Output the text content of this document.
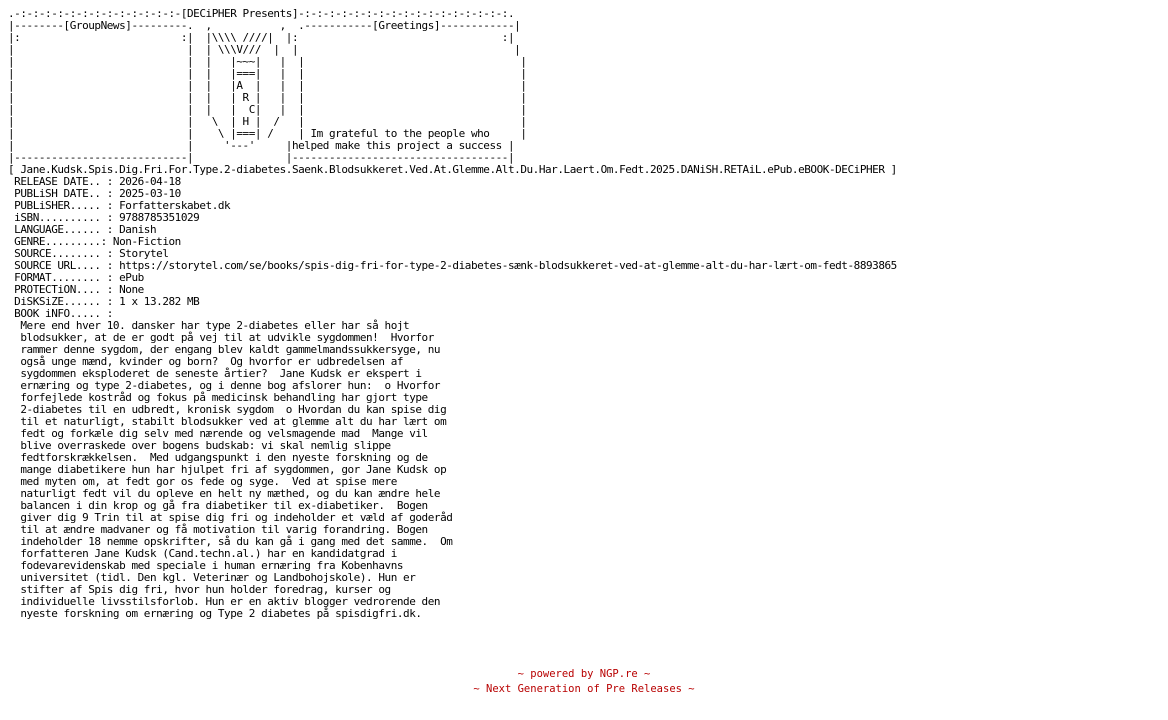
.-:-:-:-:-:-:-:-:-:-:-:-:-:-[DECiPHER Presents]-:-:-:-:-:-:-:-:-:-:-:-:-:-:-:-:-:.
|--------[GroupNews]---------.  ,           ,  .-----------[Greetings]------------|
|:                          :|  |\\\\ ////|  |:                                 :|
|                            |  | \\\V///  |  |                                   |
|                            |  |   |~~~|   |  |                                   |
|                            |  |   |===|   |  |                                   |
|                            |  |   |A  |   |  |                                   |
|                            |  |   | R |   |  |                                   |
|                            |  |   |  C|   |  |                                   |
|                            |   \  | H |  /   |                                   |
|                            |    \ |===| /    | Im grateful to the people who     |
|                            |     '---'     |helped make this project a success |
|----------------------------|               |-----------------------------------|
[ Jane.Kudsk.Spis.Dig.Fri.For.Type.2-diabetes.Saenk.Blodsukkeret.Ved.At.Glemme.Alt.Du.Har.Laert.Om.Fedt.2025.DANiSH.RETAiL.ePub.eBOOK-DECiPHER ]
RELEASE DATE.. : 2026-04-18
PUBLiSH DATE.. : 2025-03-10
PUBLiSHER..... : Forfatterskabet.dk
iSBN.......... : 9788785351029
LANGUAGE...... : Danish
GENRE.........: Non-Fiction
SOURCE........ : Storytel
SOURCE URL.... : https://storytel.com/se/books/spis-dig-fri-for-type-2-diabetes-sænk-blodsukkeret-ved-at-glemme-alt-du-har-lært-om-fedt-8893865
FORMAT........ : ePub
PROTECTiON.... : None
DiSKSiZE...... : 1 x 13.282 MB
BOOK iNFO..... :
Mere end hver 10. dansker har type 2-diabetes eller har så hojt
blodsukker, at de er godt på vej til at udvikle sygdommen!  Hvorfor
rammer denne sygdom, der engang blev kaldt gammelmandssukkersyge, nu
også unge mænd, kvinder og born?  Og hvorfor er udbredelsen af
sygdommen eksploderet de seneste årtier?  Jane Kudsk er ekspert i
ernæring og type 2-diabetes, og i denne bog afslorer hun:  o Hvorfor
forfejlede kostråd og fokus på medicinsk behandling har gjort type
2-diabetes til en udbredt, kronisk sygdom  o Hvordan du kan spise dig
til et naturligt, stabilt blodsukker ved at glemme alt du har lært om
fedt og forkæle dig selv med nærende og velsmagende mad  Mange vil
blive overraskede over bogens budskab: vi skal nemlig slippe
fedtforskrækkelsen.  Med udgangspunkt i den nyeste forskning og de
mange diabetikere hun har hjulpet fri af sygdommen, gor Jane Kudsk op
med myten om, at fedt gor os fede og syge.  Ved at spise mere
naturligt fedt vil du opleve en helt ny mæthed, og du kan ændre hele
balancen i din krop og gå fra diabetiker til ex-diabetiker.  Bogen
giver dig 9 Trin til at spise dig fri og indeholder et væld af goderåd
til at ændre madvaner og få motivation til varig forandring. Bogen
indeholder 18 nemme opskrifter, så du kan gå i gang med det samme.  Om
forfatteren Jane Kudsk (Cand.techn.al.) har en kandidatgrad i
fodevarevidenskab med speciale i human ernæring fra Kobenhavns
universitet (tidl. Den kgl. Veterinær og Landbohojskole). Hun er
stifter af Spis dig fri, hvor hun holder foredrag, kurser og
individuelle livsstilsforlob. Hun er en aktiv blogger vedrorende den
nyeste forskning om ernæring og Type 2 diabetes på spisdigfri.dk.
~ powered by NGP.re ~
~ Next Generation of Pre Releases ~
